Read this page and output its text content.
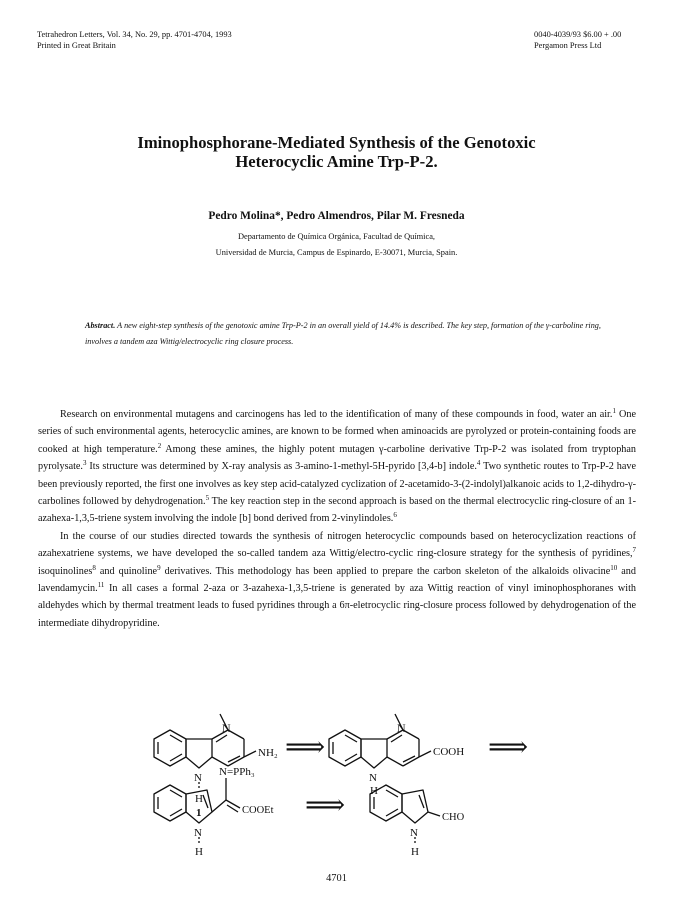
Tetrahedron Letters, Vol. 34, No. 29, pp. 4701-4704, 1993
Printed in Great Britain
0040-4039/93 $6.00 + .00
Pergamon Press Ltd
Iminophosphorane-Mediated Synthesis of the Genotoxic
Heterocyclic Amine Trp-P-2.
Pedro Molina*, Pedro Almendros, Pilar M. Fresneda
Departamento de Química Orgánica, Facultad de Química,
Universidad de Murcia, Campus de Espinardo, E-30071, Murcia, Spain.
Abstract. A new eight-step synthesis of the genotoxic amine Trp-P-2 in an overall yield of 14.4% is described. The key step, formation of the γ-carboline ring, involves a tandem aza Wittig/electrocyclic ring closure process.

Research on environmental mutagens and carcinogens has led to the identification of many of these compounds in food, water an air.$^1$ One series of such environmental agents, heterocyclic amines, are known to be formed when aminoacids are pyrolyzed or protein-containing foods are cooked at high temperature.$^2$ Among these amines, the highly potent mutagen γ-carboline derivative Trp-P-2 was isolated from tryptophan pyrolysate.$^3$ Its structure was determined by X-ray analysis as 3-amino-1-methyl-5H-pyrido [3,4-b] indole.$^4$ Two synthetic routes to Trp-P-2 have been previously reported, the first one involves as key step acid-catalyzed cyclization of 2-acetamido-3-(2-indolyl)alkanoic acids to 1,2-dihydro-γ-carbolines followed by dehydrogenation.$^5$ The key reaction step in the second approach is based on the thermal electrocyclic ring-closure of an 1-azahexa-1,3,5-triene system involving the indole [b] bond derived from 2-vinylindoles.$^6$

In the course of our studies directed towards the synthesis of nitrogen heterocyclic compounds based on heterocyclization reactions of azahexatriene systems, we have developed the so-called tandem aza Wittig/electro-cyclic ring-closure strategy for the synthesis of pyridines,$^7$ isoquinolines$^8$ and quinoline$^9$ derivatives. This methodology has been applied to prepare the carbon skeleton of the alkaloids olivacine$^{10}$ and lavendamycin.$^{11}$ In all cases a formal 2-aza or 3-azahexa-1,3,5-triene is generated by aza Wittig reaction of vinyl iminophosphoranes with aldehydes which by thermal treatment leads to fused pyridines through a 6π-eletrocyclic ring-closure process followed by dehydrogenation of the intermediate dihydropyridine.

N
NH₂
N
H
1
N
COOH
N
H
N=PPh₃
COOEt
N
H
CHO
N
H
⟹	⟹
⟹
4701
